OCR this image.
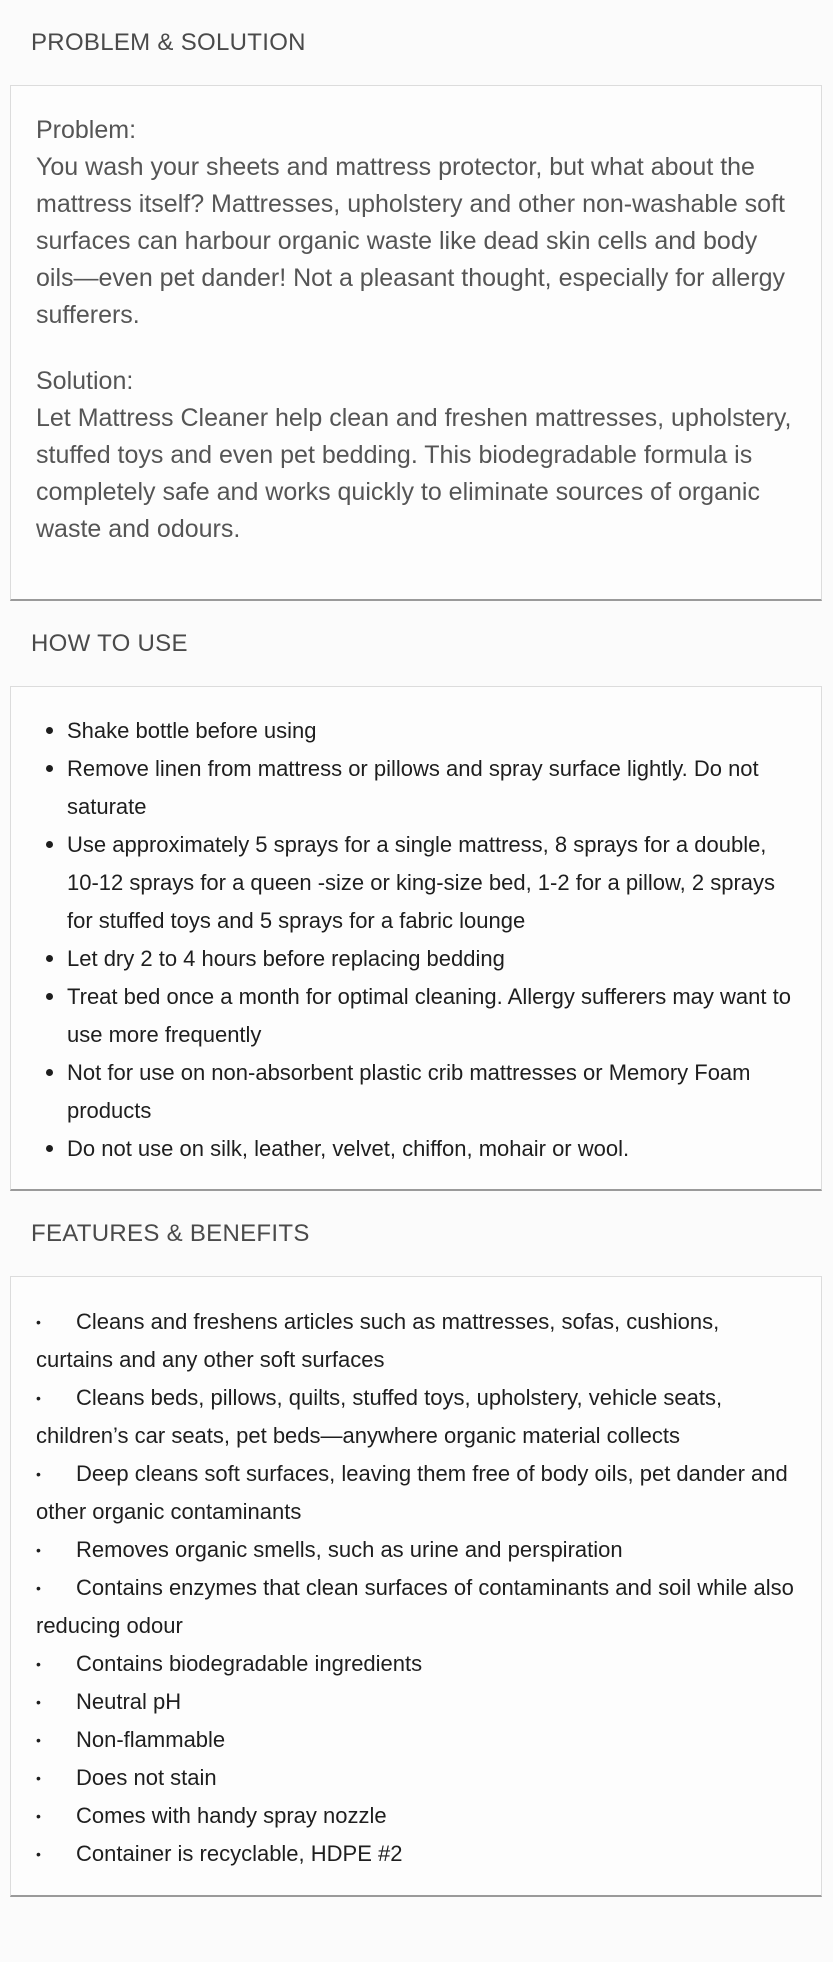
PROBLEM & SOLUTION
Problem:
You wash your sheets and mattress protector, but what about the mattress itself? Mattresses, upholstery and other non-washable soft surfaces can harbour organic waste like dead skin cells and body oils—even pet dander! Not a pleasant thought, especially for allergy sufferers.
Solution:
Let Mattress Cleaner help clean and freshen mattresses, upholstery, stuffed toys and even pet bedding. This biodegradable formula is completely safe and works quickly to eliminate sources of organic waste and odours.
HOW TO USE
Shake bottle before using
Remove linen from mattress or pillows and spray surface lightly. Do not saturate
Use approximately 5 sprays for a single mattress, 8 sprays for a double, 10-12 sprays for a queen -size or king-size bed, 1-2 for a pillow, 2 sprays for stuffed toys and 5 sprays for a fabric lounge
Let dry 2 to 4 hours before replacing bedding
Treat bed once a month for optimal cleaning. Allergy sufferers may want to use more frequently
Not for use on non-absorbent plastic crib mattresses or Memory Foam products
Do not use on silk, leather, velvet, chiffon, mohair or wool.
FEATURES & BENEFITS
• Cleans and freshens articles such as mattresses, sofas, cushions, curtains and any other soft surfaces
• Cleans beds, pillows, quilts, stuffed toys, upholstery, vehicle seats, children’s car seats, pet beds—anywhere organic material collects
• Deep cleans soft surfaces, leaving them free of body oils, pet dander and other organic contaminants
• Removes organic smells, such as urine and perspiration
• Contains enzymes that clean surfaces of contaminants and soil while also reducing odour
• Contains biodegradable ingredients
• Neutral pH
• Non-flammable
• Does not stain
• Comes with handy spray nozzle
• Container is recyclable, HDPE #2
